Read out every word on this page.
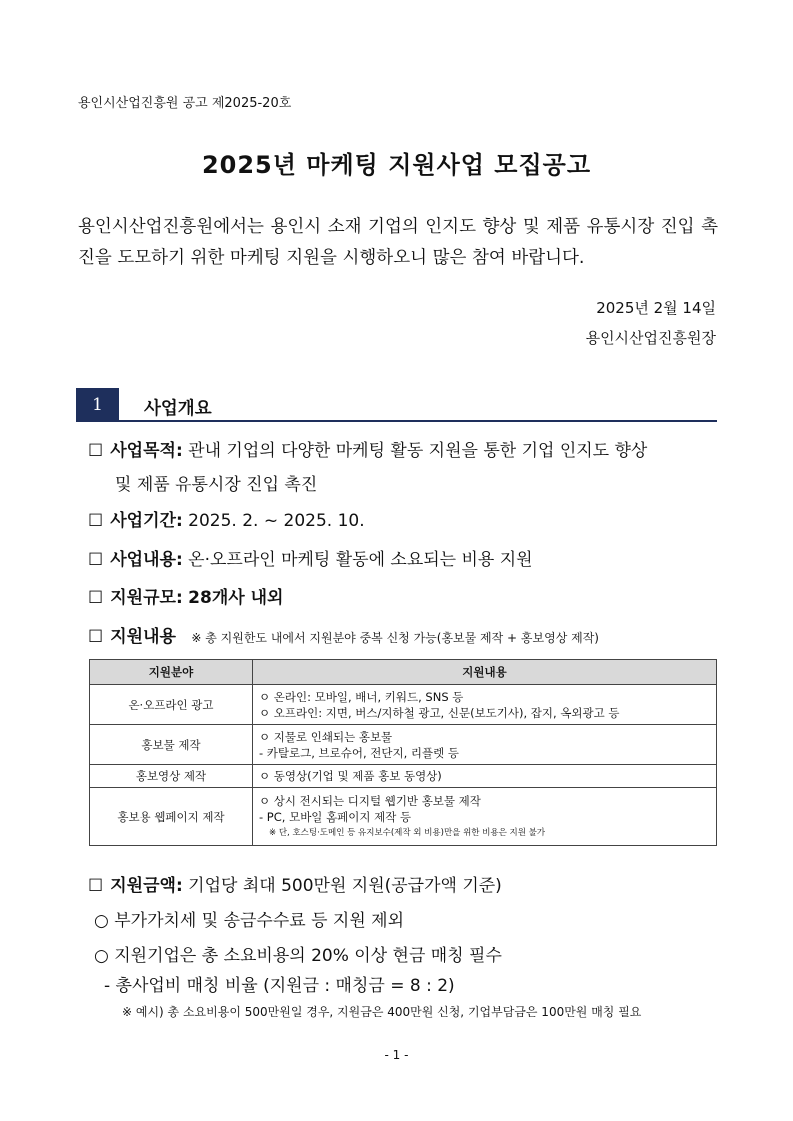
용인시산업진흥원 공고 제2025-20호
2025년 마케팅 지원사업 모집공고
용인시산업진흥원에서는 용인시 소재 기업의 인지도 향상 및 제품 유통시장 진입 촉진을 도모하기 위한 마케팅 지원을 시행하오니 많은 참여 바랍니다.
2025년 2월 14일
용인시산업진흥원장
1	사업개요
☐ 사업목적: 관내 기업의 다양한 마케팅 활동 지원을 통한 기업 인지도 향상
및 제품 유통시장 진입 촉진
☐ 사업기간: 2025. 2. ~ 2025. 10.
☐ 사업내용: 온·오프라인 마케팅 활동에 소요되는 비용 지원
☐ 지원규모: 28개사 내외
☐ 지원내용 ※ 총 지원한도 내에서 지원분야 중복 신청 가능(홍보물 제작 + 홍보영상 제작)
지원분야	지원내용
온·오프라인 광고	ㅇ 온라인: 모바일, 배너, 키워드, SNS 등
ㅇ 오프라인: 지면, 버스/지하철 광고, 신문(보도기사), 잡지, 옥외광고 등

홍보물 제작	ㅇ 지물로 인쇄되는 홍보물
- 카탈로그, 브로슈어, 전단지, 리플렛 등

홍보영상 제작	ㅇ 동영상(기업 및 제품 홍보 동영상)

홍보용 웹페이지 제작	ㅇ 상시 전시되는 디지털 웹기반 홍보물 제작
- PC, 모바일 홈페이지 제작 등
※ 단, 호스팅·도메인 등 유지보수(제작 외 비용)만을 위한 비용은 지원 불가
☐ 지원금액: 기업당 최대 500만원 지원(공급가액 기준)
○ 부가가치세 및 송금수수료 등 지원 제외
○ 지원기업은 총 소요비용의 20% 이상 현금 매칭 필수
- 총사업비 매칭 비율 (지원금 : 매칭금 = 8 : 2)
※ 예시) 총 소요비용이 500만원일 경우, 지원금은 400만원 신청, 기업부담금은 100만원 매칭 필요
- 1 -
